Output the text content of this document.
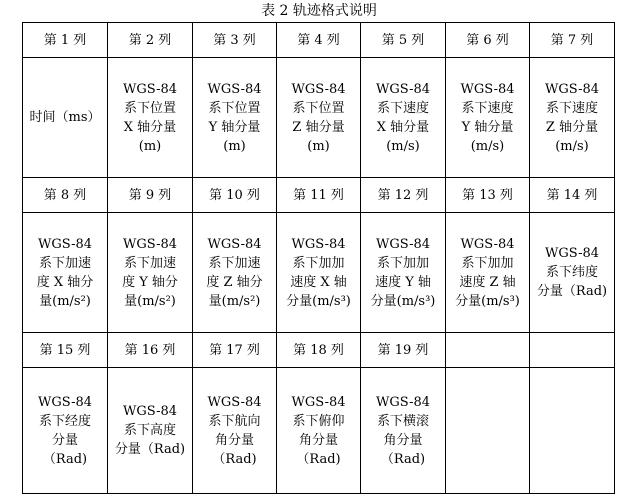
表 2 轨迹格式说明
第 1 列	第 2 列	第 3 列	第 4 列	第 5 列	第 6 列	第 7 列

时间（ms）	WGS-84
系下位置
X 轴分量
(m)	WGS-84
系下位置
Y 轴分量
(m)	WGS-84
系下位置
Z 轴分量
(m)	WGS-84
系下速度
X 轴分量
(m/s)	WGS-84
系下速度
Y 轴分量
(m/s)	WGS-84
系下速度
Z 轴分量
(m/s)

第 8 列	第 9 列	第 10 列	第 11 列	第 12 列	第 13 列	第 14 列

WGS-84
系下加速
度 X 轴分
量(m/s²)	WGS-84
系下加速
度 Y 轴分
量(m/s²)	WGS-84
系下加速
度 Z 轴分
量(m/s²)	WGS-84
系下加加
速度 X 轴
分量(m/s³)	WGS-84
系下加加
速度 Y 轴
分量(m/s³)	WGS-84
系下加加
速度 Z 轴
分量(m/s³)	WGS-84
系下纬度
分量（Rad)

第 15 列	第 16 列	第 17 列	第 18 列	第 19 列		

WGS-84
系下经度
分量
（Rad)	WGS-84
系下高度
分量（Rad)	WGS-84
系下航向
角分量
（Rad)	WGS-84
系下俯仰
角分量
（Rad)	WGS-84
系下横滚
角分量
（Rad)		
